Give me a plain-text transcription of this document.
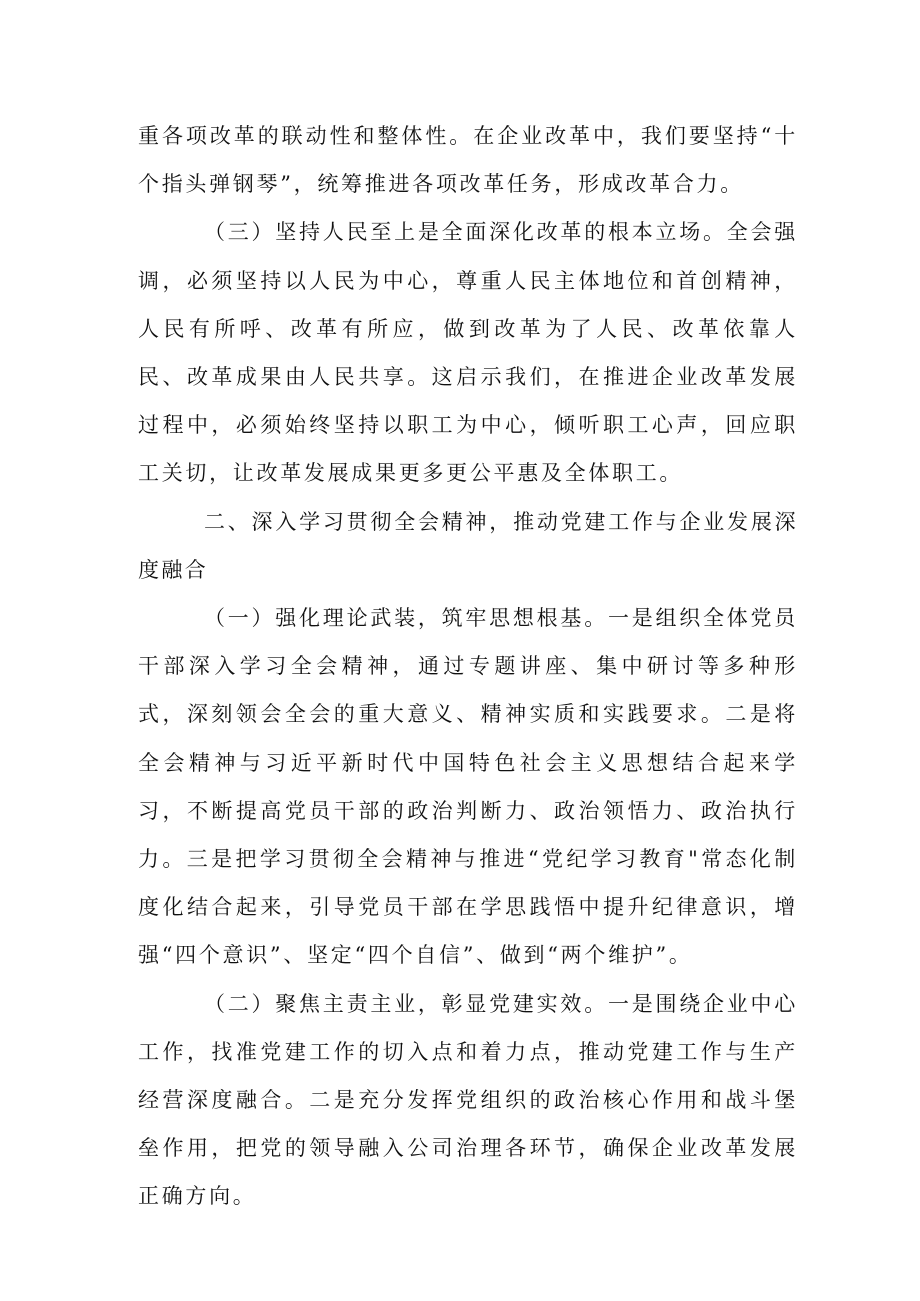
重各项改革的联动性和整体性。在企业改革中，我们要坚持“十个指头弹钢琴”，统筹推进各项改革任务，形成改革合力。

（三）坚持人民至上是全面深化改革的根本立场。全会强调，必须坚持以人民为中心，尊重人民主体地位和首创精神，人民有所呼、改革有所应，做到改革为了人民、改革依靠人民、改革成果由人民共享。这启示我们，在推进企业改革发展过程中，必须始终坚持以职工为中心，倾听职工心声，回应职工关切，让改革发展成果更多更公平惠及全体职工。

二、深入学习贯彻全会精神，推动党建工作与企业发展深度融合

（一）强化理论武装，筑牢思想根基。一是组织全体党员干部深入学习全会精神，通过专题讲座、集中研讨等多种形式，深刻领会全会的重大意义、精神实质和实践要求。二是将全会精神与习近平新时代中国特色社会主义思想结合起来学习，不断提高党员干部的政治判断力、政治领悟力、政治执行力。三是把学习贯彻全会精神与推进“党纪学习教育"常态化制度化结合起来，引导党员干部在学思践悟中提升纪律意识，增强“四个意识”、坚定“四个自信”、做到“两个维护”。

（二）聚焦主责主业，彰显党建实效。一是围绕企业中心工作，找准党建工作的切入点和着力点，推动党建工作与生产经营深度融合。二是充分发挥党组织的政治核心作用和战斗堡垒作用，把党的领导融入公司治理各环节，确保企业改革发展正确方向。
